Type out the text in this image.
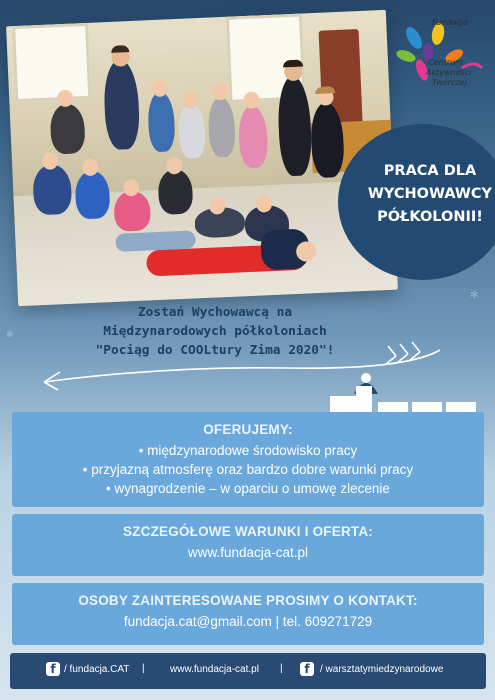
✻
✻
Fundacja
Centrum
Aktywności
Twórczej
PRACA DLA
WYCHOWAWCY
PÓŁKOLONII!
Zostań Wychowawcą na
Międzynarodowych półkoloniach
"Pociąg do COOLtury Zima 2020"!
OFERUJEMY:
• międzynarodowe środowisko pracy
• przyjazną atmosferę oraz bardzo dobre warunki pracy
• wynagrodzenie – w oparciu o umowę zlecenie
SZCZEGÓŁOWE WARUNKI I OFERTA:
www.fundacja-cat.pl
OSOBY ZAINTERESOWANE PROSIMY O KONTAKT:
fundacja.cat@gmail.com | tel. 609271729
f / fundacja.CAT |	www.fundacja-cat.pl |	f	/ warsztatymiedzynarodowe
